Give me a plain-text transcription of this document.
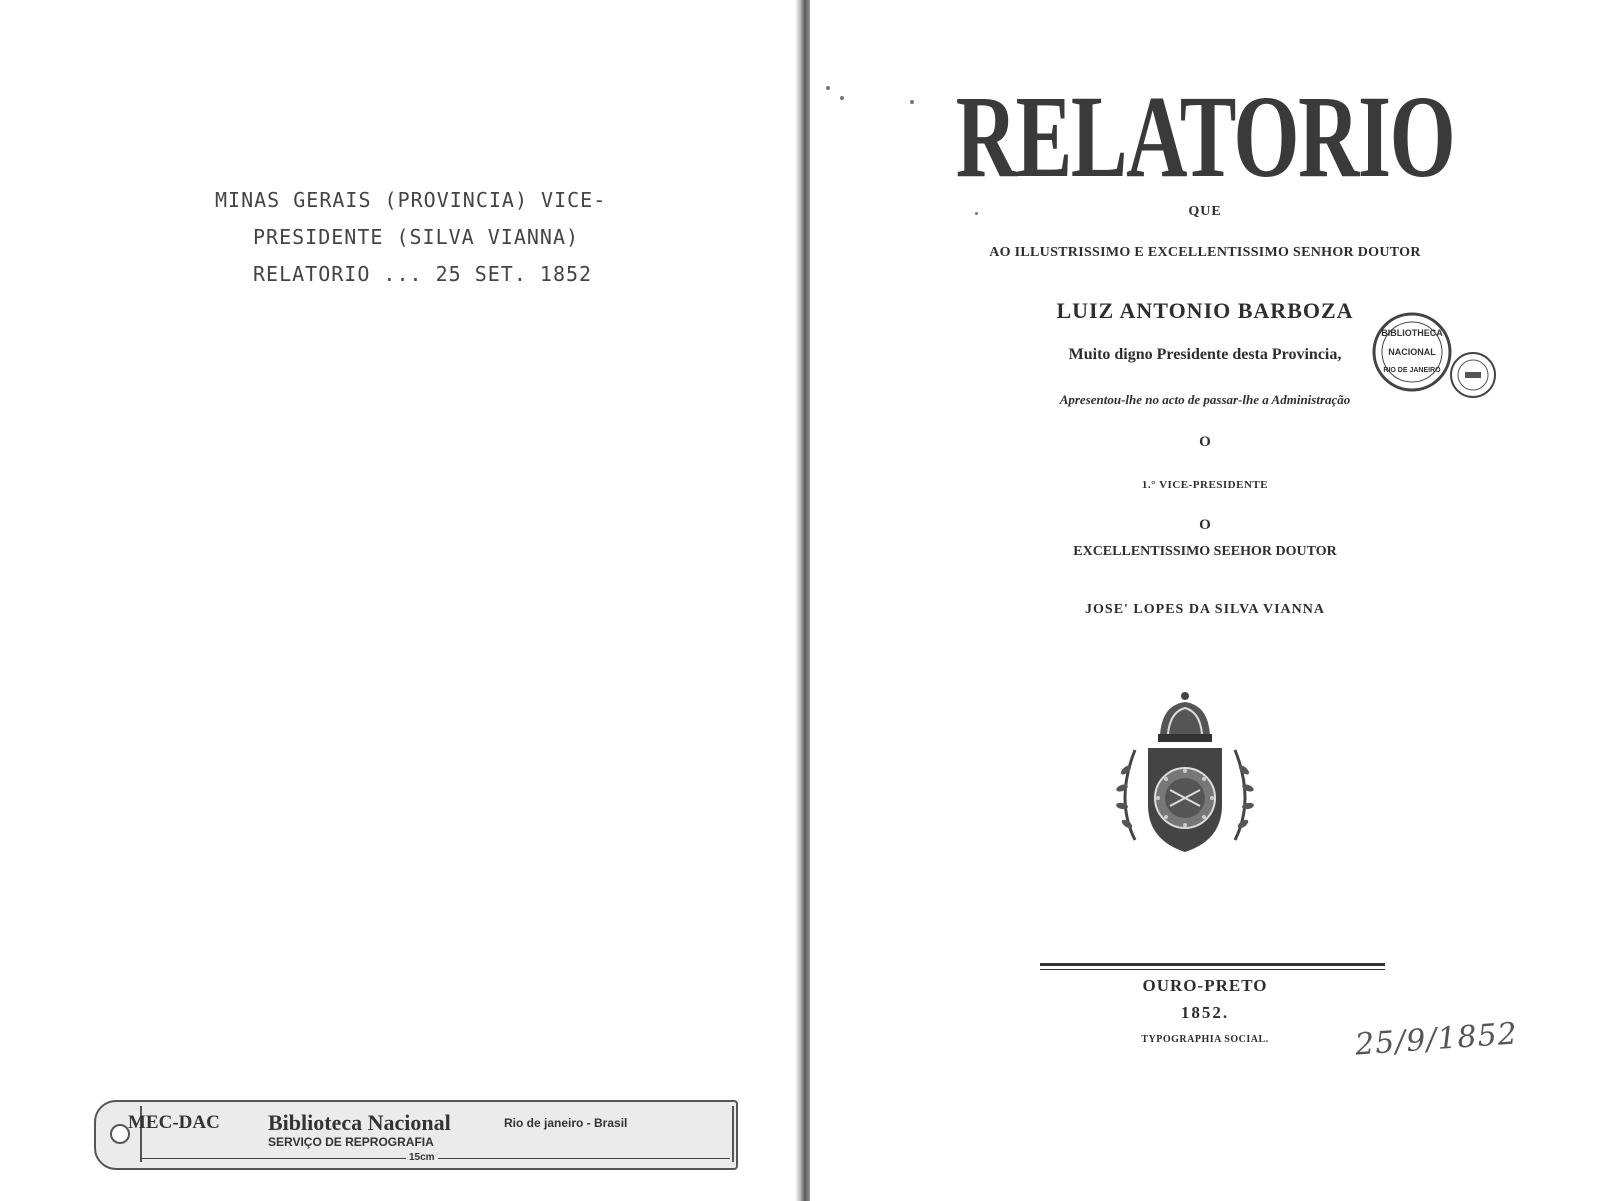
MINAS GERAIS (PROVINCIA) VICE-
PRESIDENTE (SILVA VIANNA)
RELATORIO ... 25 SET. 1852
MEC-DAC Biblioteca Nacional	Rio de janeiro - Brasil
SERVIÇO DE REPROGRAFIA
15cm
RELATORIO
QUE
AO ILLUSTRISSIMO E EXCELLENTISSIMO SENHOR DOUTOR
LUIZ ANTONIO BARBOZA
Muito digno Presidente desta Provincia,
Apresentou-lhe no acto de passar-lhe a Administração
O
1.° VICE-PRESIDENTE
O
EXCELLENTISSIMO SEEHOR DOUTOR
JOSE' LOPES DA SILVA VIANNA
OURO-PRETO
1852.
TYPOGRAPHIA SOCIAL.
BIBLIOTHECA
NACIONAL
RIO DE JANEIRO
25/9/1852
